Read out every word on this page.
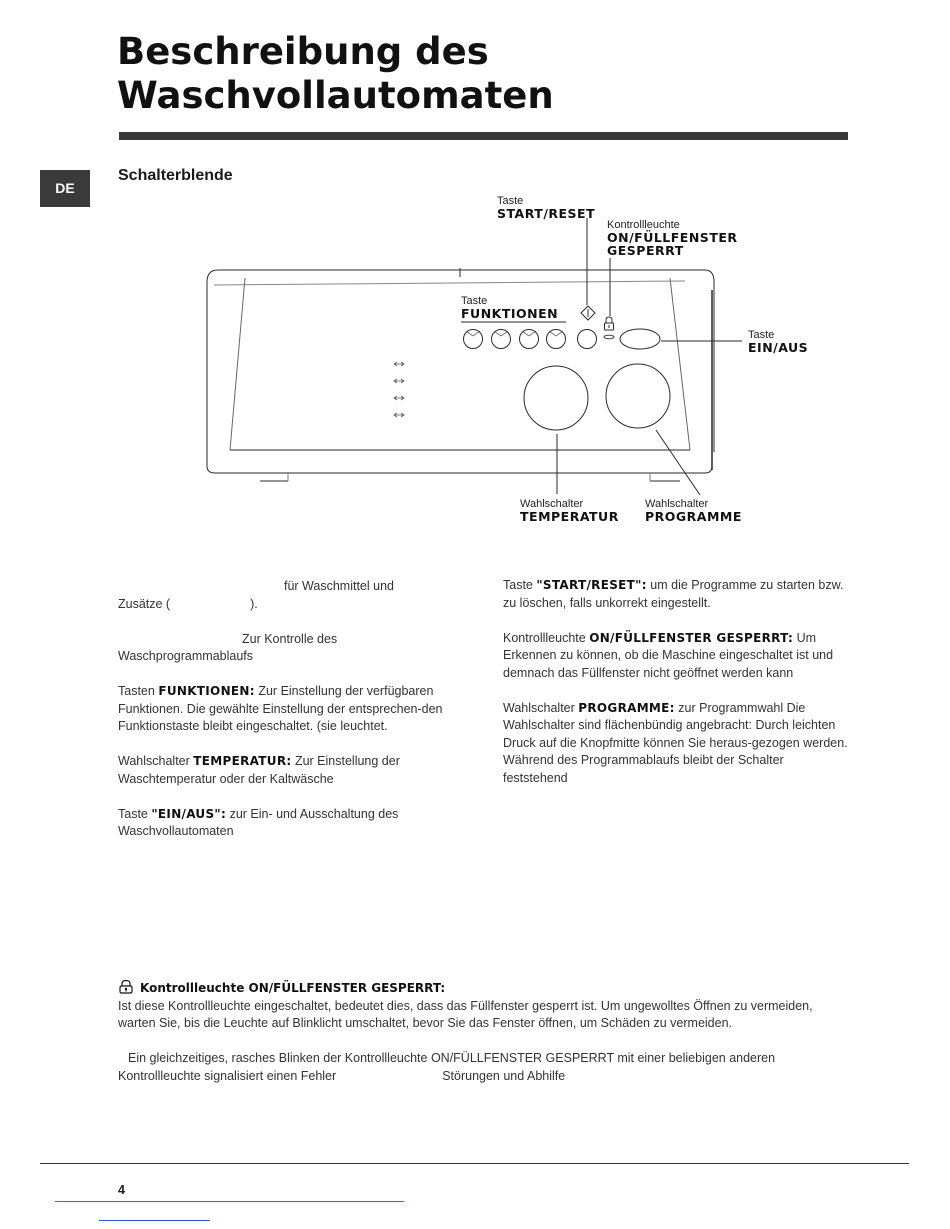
Beschreibung des
Waschvollautomaten
DE
Schalterblende
Taste
START/RESET
Kontrollleuchte
ON/FÜLLFENSTER
GESPERRT
Taste
FUNKTIONEN
Taste
EIN/AUS
Wahlschalter
TEMPERATUR
Wahlschalter
PROGRAMME

für Waschmittel und
Zusätze (	).

Zur Kontrolle des
Waschprogrammablaufs

Tasten FUNKTIONEN: Zur Einstellung der verfügbaren Funktionen. Die gewählte Einstellung der entsprechen-den Funktionstaste bleibt eingeschaltet. (sie leuchtet.

Wahlschalter TEMPERATUR: Zur Einstellung der Waschtemperatur oder der Kaltwäsche

Taste "EIN/AUS": zur Ein- und Ausschaltung des Waschvollautomaten

Taste "START/RESET": um die Programme zu starten bzw. zu löschen, falls unkorrekt eingestellt.

Kontrollleuchte ON/FÜLLFENSTER GESPERRT: Um Erkennen zu können, ob die Maschine eingeschaltet ist und demnach das Füllfenster nicht geöffnet werden kann

Wahlschalter PROGRAMME: zur Programmwahl Die Wahlschalter sind flächenbündig angebracht: Durch leichten Druck auf die Knopfmitte können Sie heraus-gezogen werden. Während des Programmablaufs bleibt der Schalter feststehend

Kontrollleuchte ON/FÜLLFENSTER GESPERRT:

Ist diese Kontrollleuchte eingeschaltet, bedeutet dies, dass das Füllfenster gesperrt ist. Um ungewolltes Öffnen zu vermeiden, warten Sie, bis die Leuchte auf Blinklicht umschaltet, bevor Sie das Fenster öffnen, um Schäden zu vermeiden.

Ein gleichzeitiges, rasches Blinken der Kontrollleuchte ON/FÜLLFENSTER GESPERRT mit einer beliebigen anderen Kontrollleuchte signalisiert einen Fehler	Störungen und Abhilfe

4
